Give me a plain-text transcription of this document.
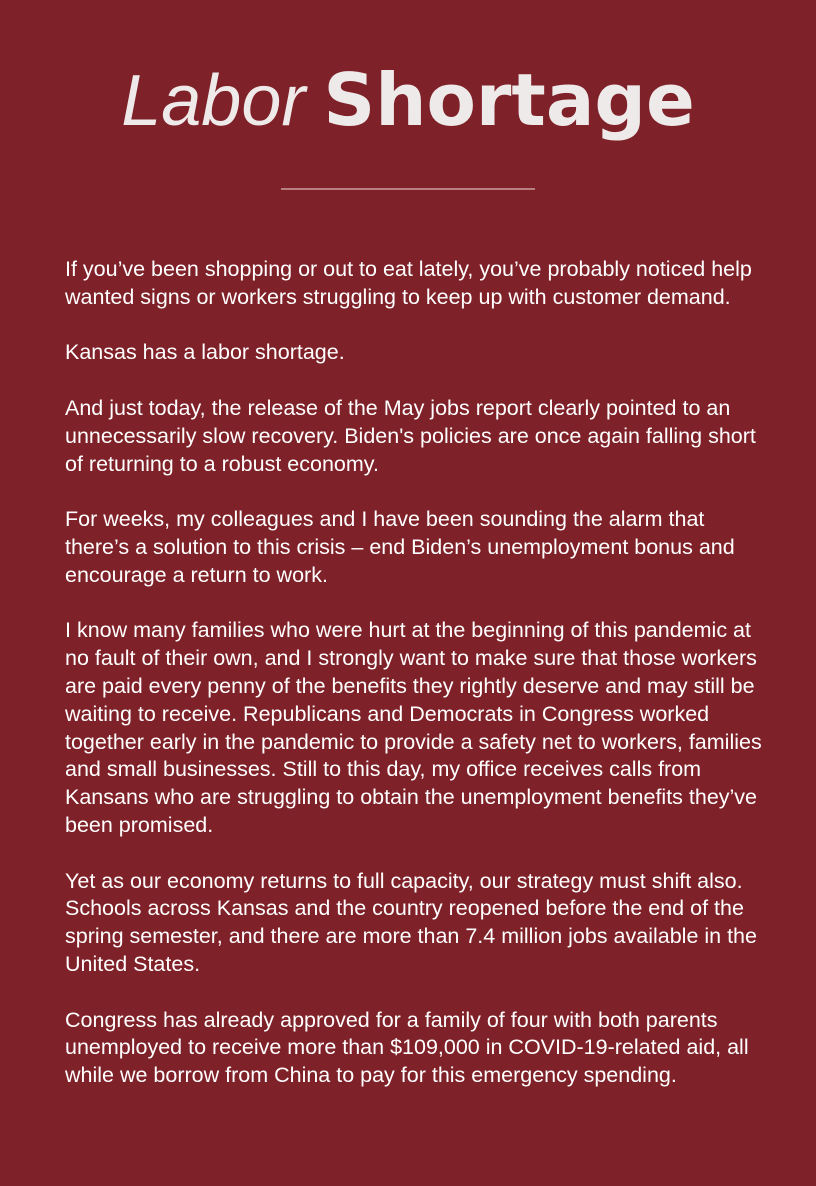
Labor Shortage

If you’ve been shopping or out to eat lately, you’ve probably noticed help wanted signs or workers struggling to keep up with customer demand.

Kansas has a labor shortage.

And just today, the release of the May jobs report clearly pointed to an unnecessarily slow recovery. Biden's policies are once again falling short of returning to a robust economy.

For weeks, my colleagues and I have been sounding the alarm that there’s a solution to this crisis – end Biden’s unemployment bonus and encourage a return to work.

I know many families who were hurt at the beginning of this pandemic at no fault of their own, and I strongly want to make sure that those workers are paid every penny of the benefits they rightly deserve and may still be waiting to receive. Republicans and Democrats in Congress worked together early in the pandemic to provide a safety net to workers, families and small businesses. Still to this day, my office receives calls from Kansans who are struggling to obtain the unemployment benefits they’ve been promised.

Yet as our economy returns to full capacity, our strategy must shift also. Schools across Kansas and the country reopened before the end of the spring semester, and there are more than 7.4 million jobs available in the United States.

Congress has already approved for a family of four with both parents unemployed to receive more than $109,000 in COVID-19-related aid, all while we borrow from China to pay for this emergency spending.
